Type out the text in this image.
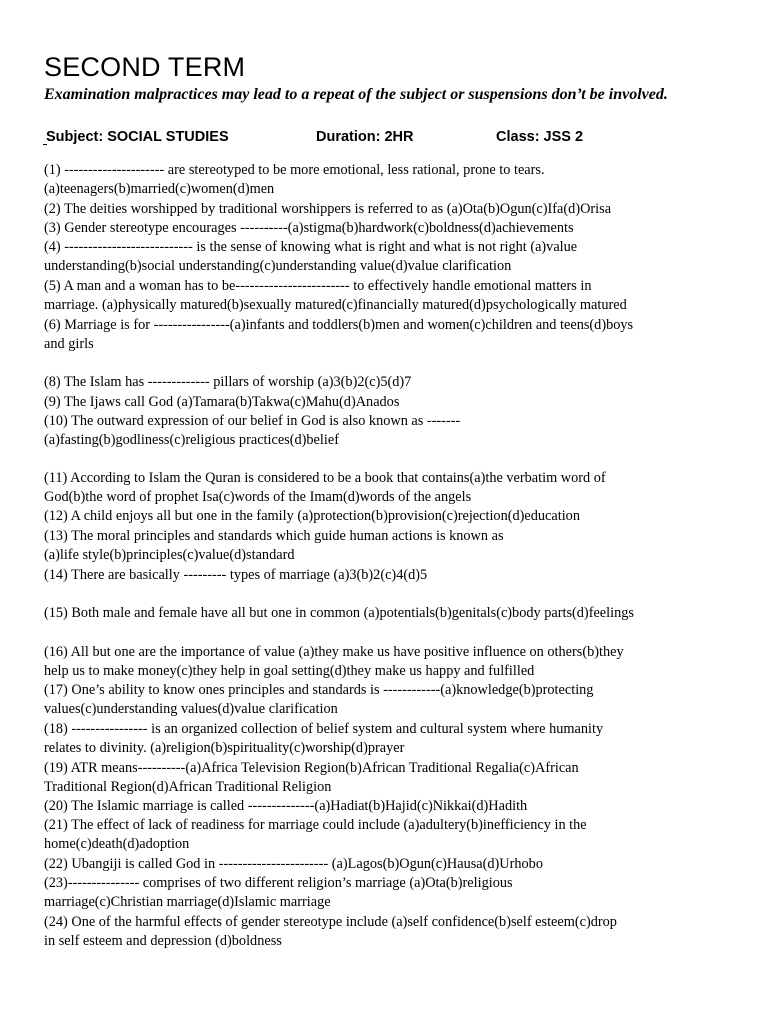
SECOND TERM
Examination malpractices may lead to a repeat of the subject or suspensions don’t be involved.
Subject: SOCIAL STUDIES	Duration: 2HR	Class: JSS 2
(1) --------------------- are stereotyped to be more emotional, less rational, prone to tears.
(a)teenagers(b)married(c)women(d)men
(2) The deities worshipped by traditional worshippers is referred to as (a)Ota(b)Ogun(c)Ifa(d)Orisa
(3) Gender stereotype encourages ----------(a)stigma(b)hardwork(c)boldness(d)achievements
(4) --------------------------- is the sense of knowing what is right and what is not right (a)value
understanding(b)social understanding(c)understanding value(d)value clarification
(5) A man and a woman has to be------------------------ to effectively handle emotional matters in
marriage. (a)physically matured(b)sexually matured(c)financially matured(d)psychologically matured
(6) Marriage is for ----------------(a)infants and toddlers(b)men and women(c)children and teens(d)boys
and girls
(8) The Islam has ------------- pillars of worship (a)3(b)2(c)5(d)7
(9) The Ijaws call God (a)Tamara(b)Takwa(c)Mahu(d)Anados
(10) The outward expression of our belief in God is also known as -------
(a)fasting(b)godliness(c)religious practices(d)belief
(11) According to Islam the Quran is considered to be a book that contains(a)the verbatim word of
God(b)the word of prophet Isa(c)words of the Imam(d)words of the angels
(12) A child enjoys all but one in the family (a)protection(b)provision(c)rejection(d)education
(13) The moral principles and standards which guide human actions is known as
(a)life style(b)principles(c)value(d)standard
(14) There are basically --------- types of marriage (a)3(b)2(c)4(d)5
(15) Both male and female have all but one in common (a)potentials(b)genitals(c)body parts(d)feelings
(16) All but one are the importance of value (a)they make us have positive influence on others(b)they
help us to make money(c)they help in goal setting(d)they make us happy and fulfilled
(17) One’s ability to know ones principles and standards is ------------(a)knowledge(b)protecting
values(c)understanding values(d)value clarification
(18) ---------------- is an organized collection of belief system and cultural system where humanity
relates to divinity. (a)religion(b)spirituality(c)worship(d)prayer
(19) ATR means----------(a)Africa Television Region(b)African Traditional Regalia(c)African
Traditional Region(d)African Traditional Religion
(20) The Islamic marriage is called --------------(a)Hadiat(b)Hajid(c)Nikkai(d)Hadith
(21) The effect of lack of readiness for marriage could include (a)adultery(b)inefficiency in the
home(c)death(d)adoption
(22) Ubangiji is called God in ----------------------- (a)Lagos(b)Ogun(c)Hausa(d)Urhobo
(23)--------------- comprises of two different religion’s marriage (a)Ota(b)religious
marriage(c)Christian marriage(d)Islamic marriage
(24) One of the harmful effects of gender stereotype include (a)self confidence(b)self esteem(c)drop
in self esteem and depression (d)boldness
